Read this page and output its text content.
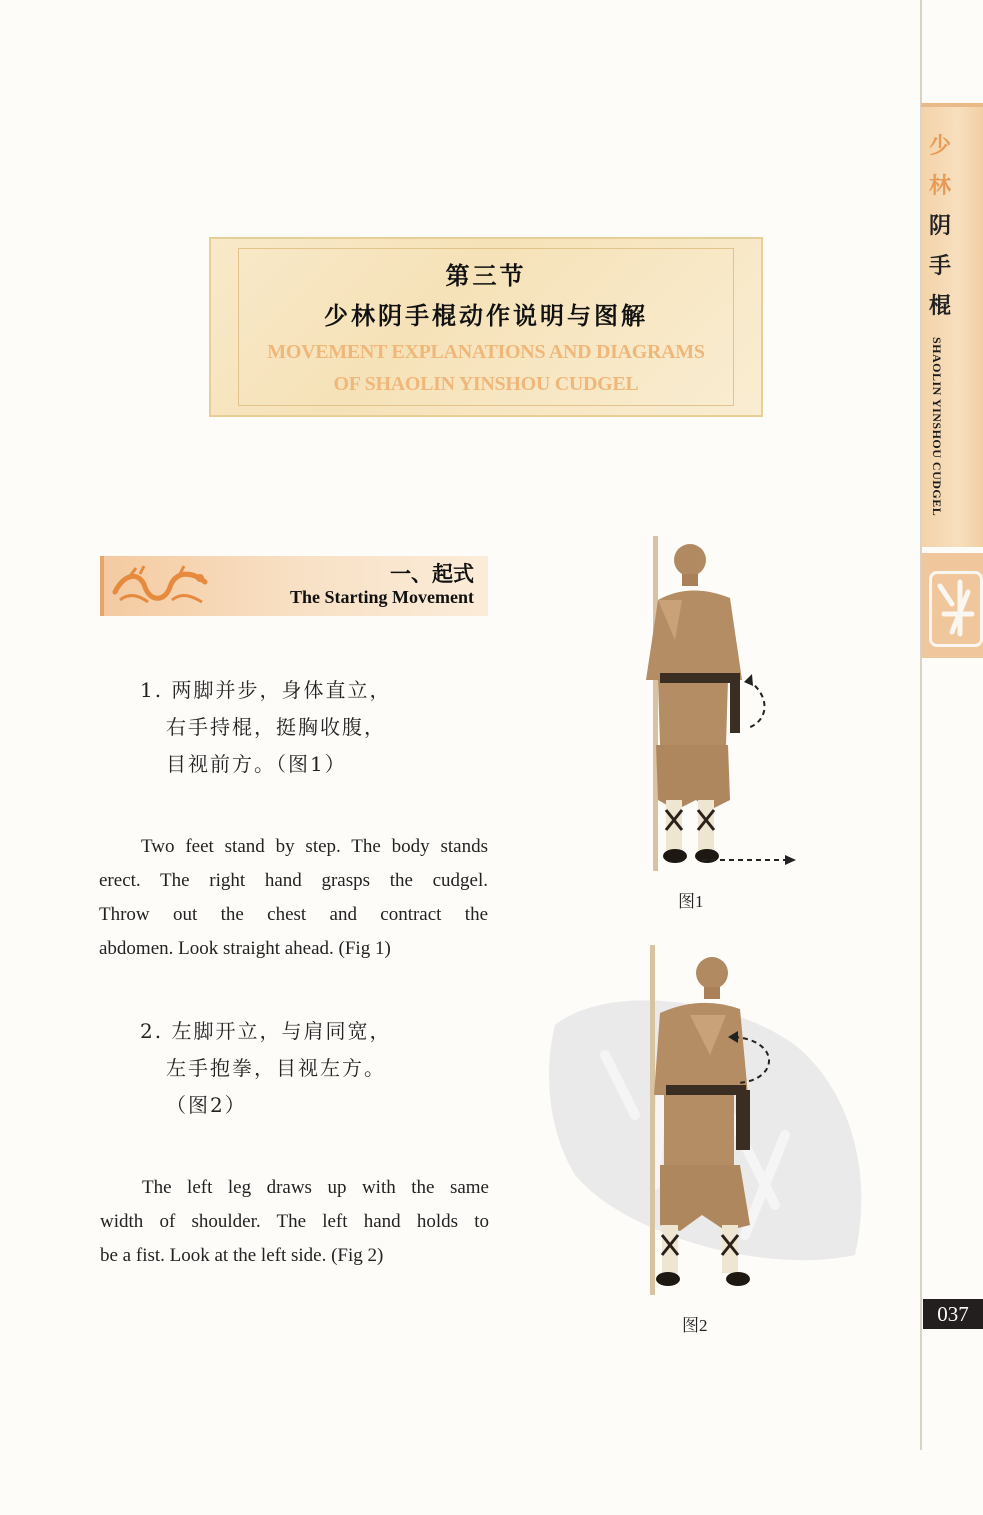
少
林
阴
手
棍
SHAOLIN YINSHOU CUDGEL
037
第三节
少林阴手棍动作说明与图解
MOVEMENT EXPLANATIONS AND DIAGRAMS
OF SHAOLIN YINSHOU CUDGEL
一、起式
The Starting Movement
1. 两脚并步，身体直立，
右手持棍，挺胸收腹，
目视前方。（图1）
Two feet stand by step. The body stands
erect. The right hand grasps the cudgel.
Throw out the chest and contract the
abdomen. Look straight ahead. (Fig 1)
2. 左脚开立，与肩同宽，
左手抱拳，目视左方。
（图2）
The left leg draws up with the same
width of shoulder. The left hand holds to
be a fist. Look at the left side. (Fig 2)
图1
图2
